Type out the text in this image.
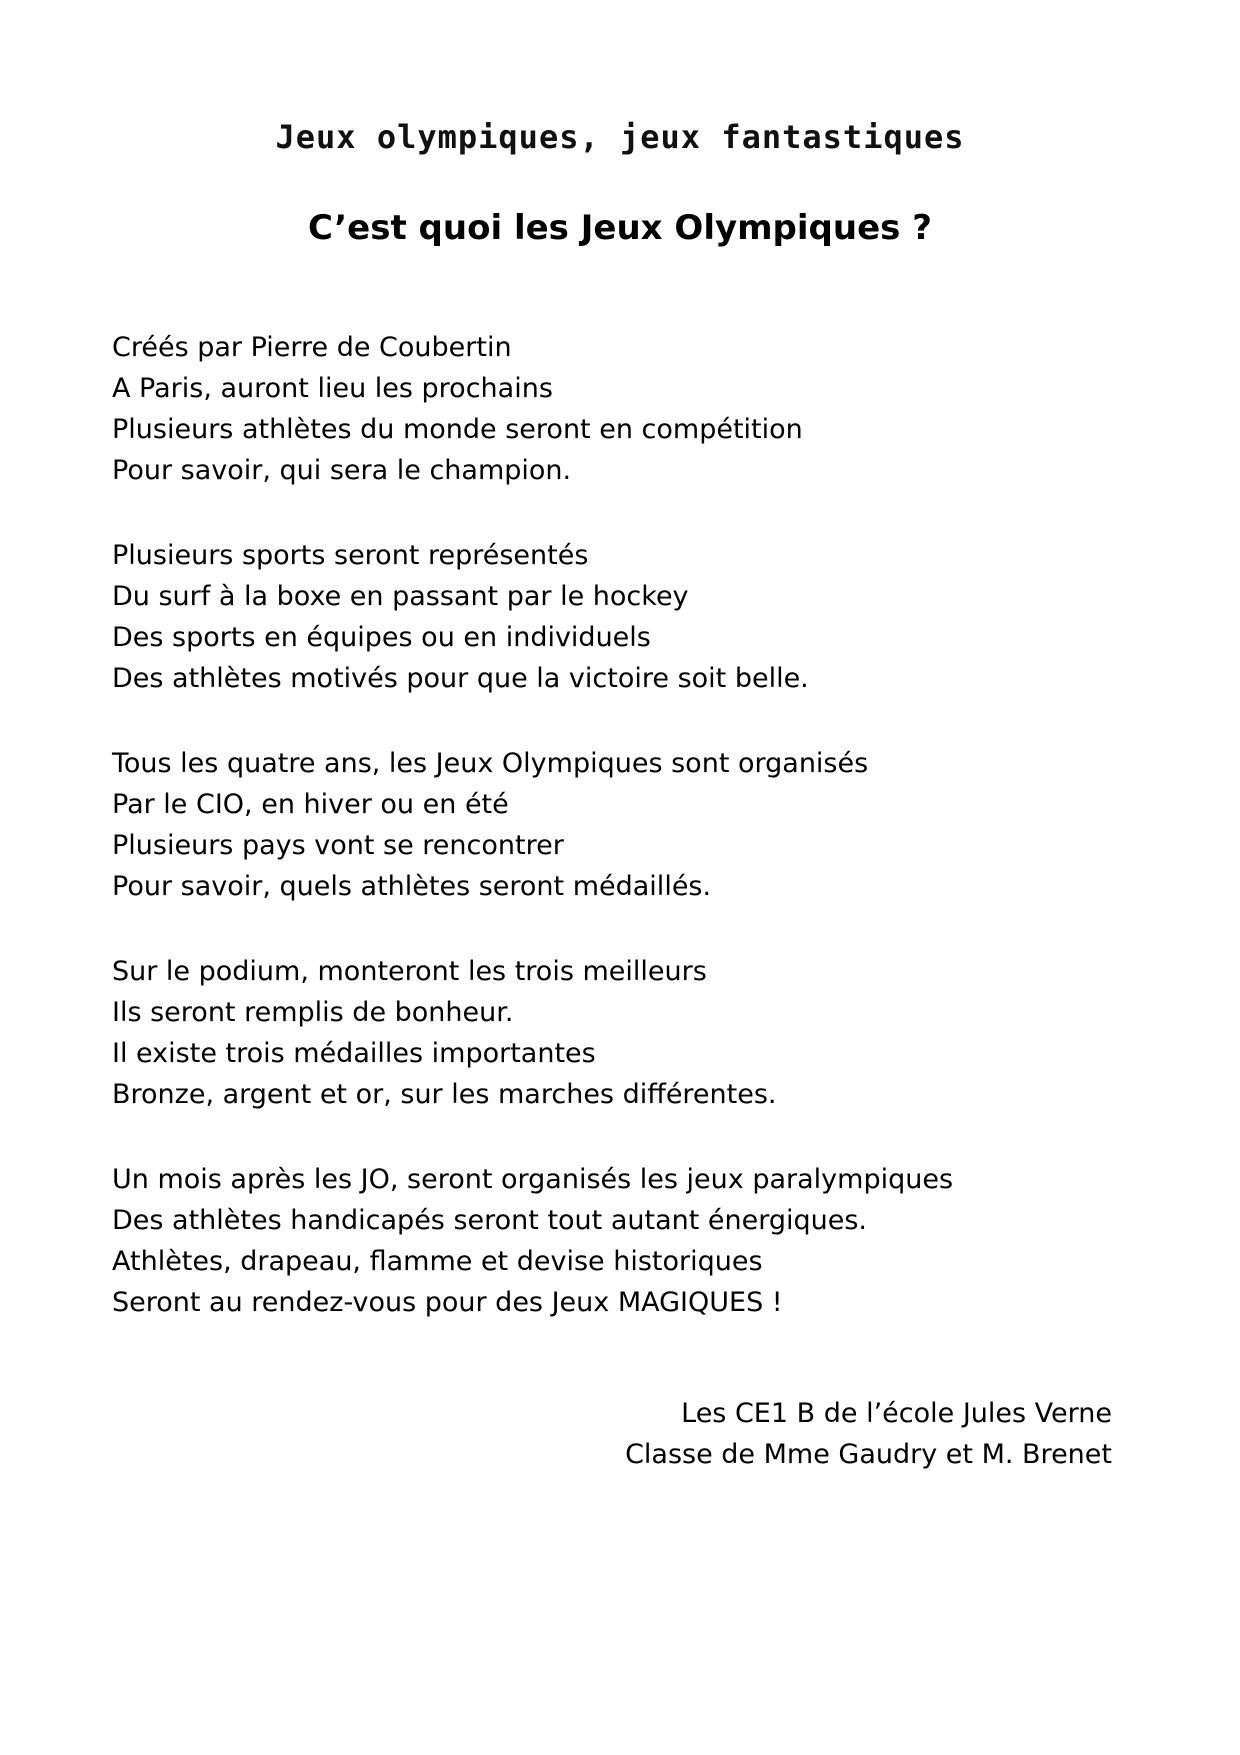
Jeux olympiques, jeux fantastiques
C’est quoi les Jeux Olympiques ?
Créés par Pierre de Coubertin
A Paris, auront lieu les prochains
Plusieurs athlètes du monde seront en compétition
Pour savoir, qui sera le champion.
Plusieurs sports seront représentés
Du surf à la boxe en passant par le hockey
Des sports en équipes ou en individuels
Des athlètes motivés pour que la victoire soit belle.
Tous les quatre ans, les Jeux Olympiques sont organisés
Par le CIO, en hiver ou en été
Plusieurs pays vont se rencontrer
Pour savoir, quels athlètes seront médaillés.
Sur le podium, monteront les trois meilleurs
Ils seront remplis de bonheur.
Il existe trois médailles importantes
Bronze, argent et or, sur les marches différentes.
Un mois après les JO, seront organisés les jeux paralympiques
Des athlètes handicapés seront tout autant énergiques.
Athlètes, drapeau, flamme et devise historiques
Seront au rendez-vous pour des Jeux MAGIQUES !
Les CE1 B de l’école Jules Verne
Classe de Mme Gaudry et M. Brenet
